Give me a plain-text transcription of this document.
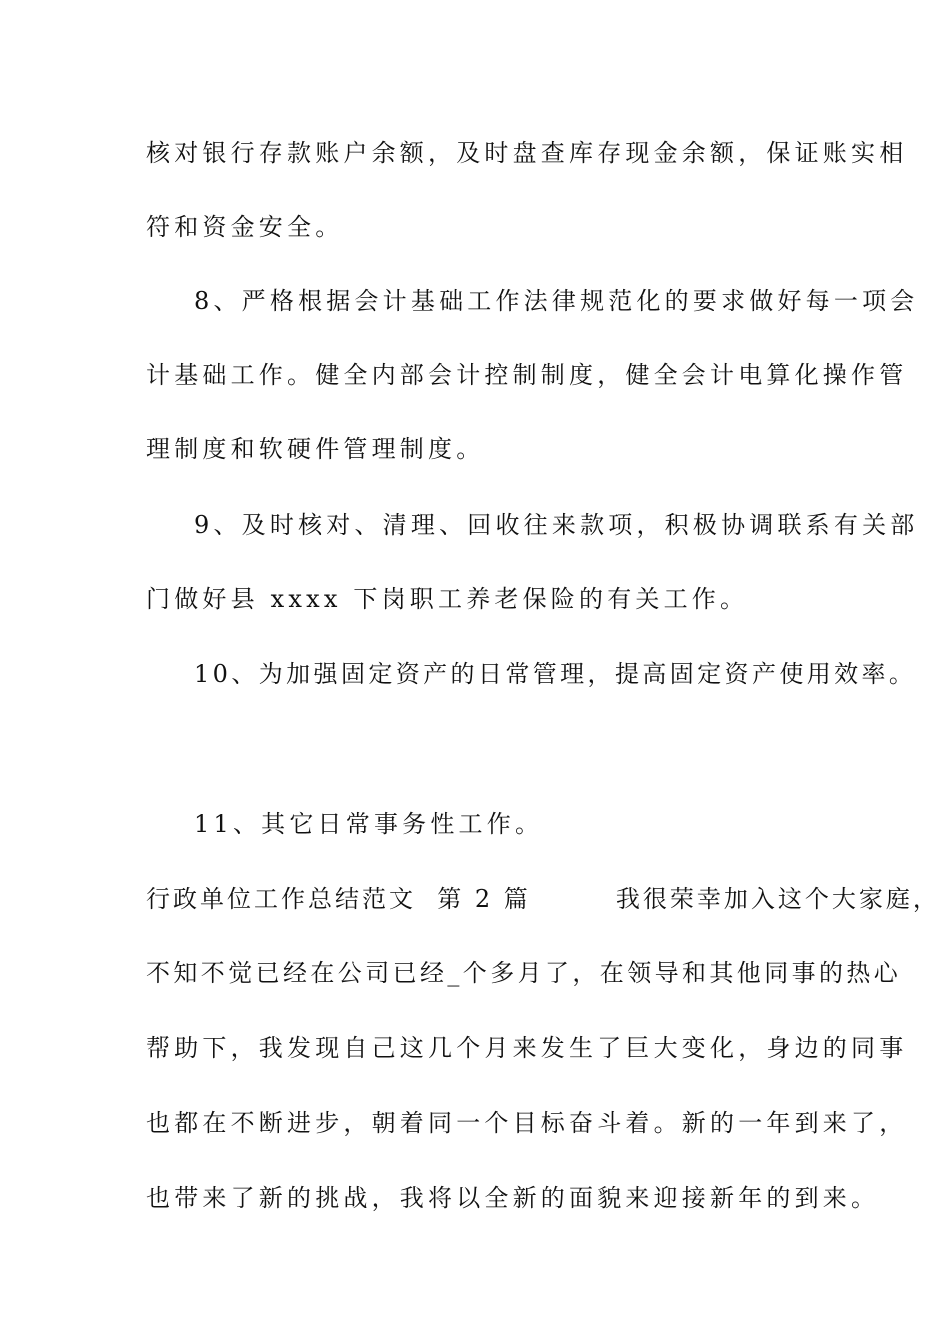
核对银行存款账户余额，及时盘查库存现金余额，保证账实相
符和资金安全。
8、严格根据会计基础工作法律规范化的要求做好每一项会
计基础工作。健全内部会计控制制度，健全会计电算化操作管
理制度和软硬件管理制度。
9、及时核对、清理、回收往来款项，积极协调联系有关部
门做好县 xxxx 下岗职工养老保险的有关工作。
10、为加强固定资产的日常管理，提高固定资产使用效率。
11、其它日常事务性工作。
行政单位工作总结范文  第 2 篇        我很荣幸加入这个大家庭，
不知不觉已经在公司已经_个多月了，在领导和其他同事的热心
帮助下，我发现自己这几个月来发生了巨大变化，身边的同事
也都在不断进步，朝着同一个目标奋斗着。新的一年到来了，
也带来了新的挑战，我将以全新的面貌来迎接新年的到来。
